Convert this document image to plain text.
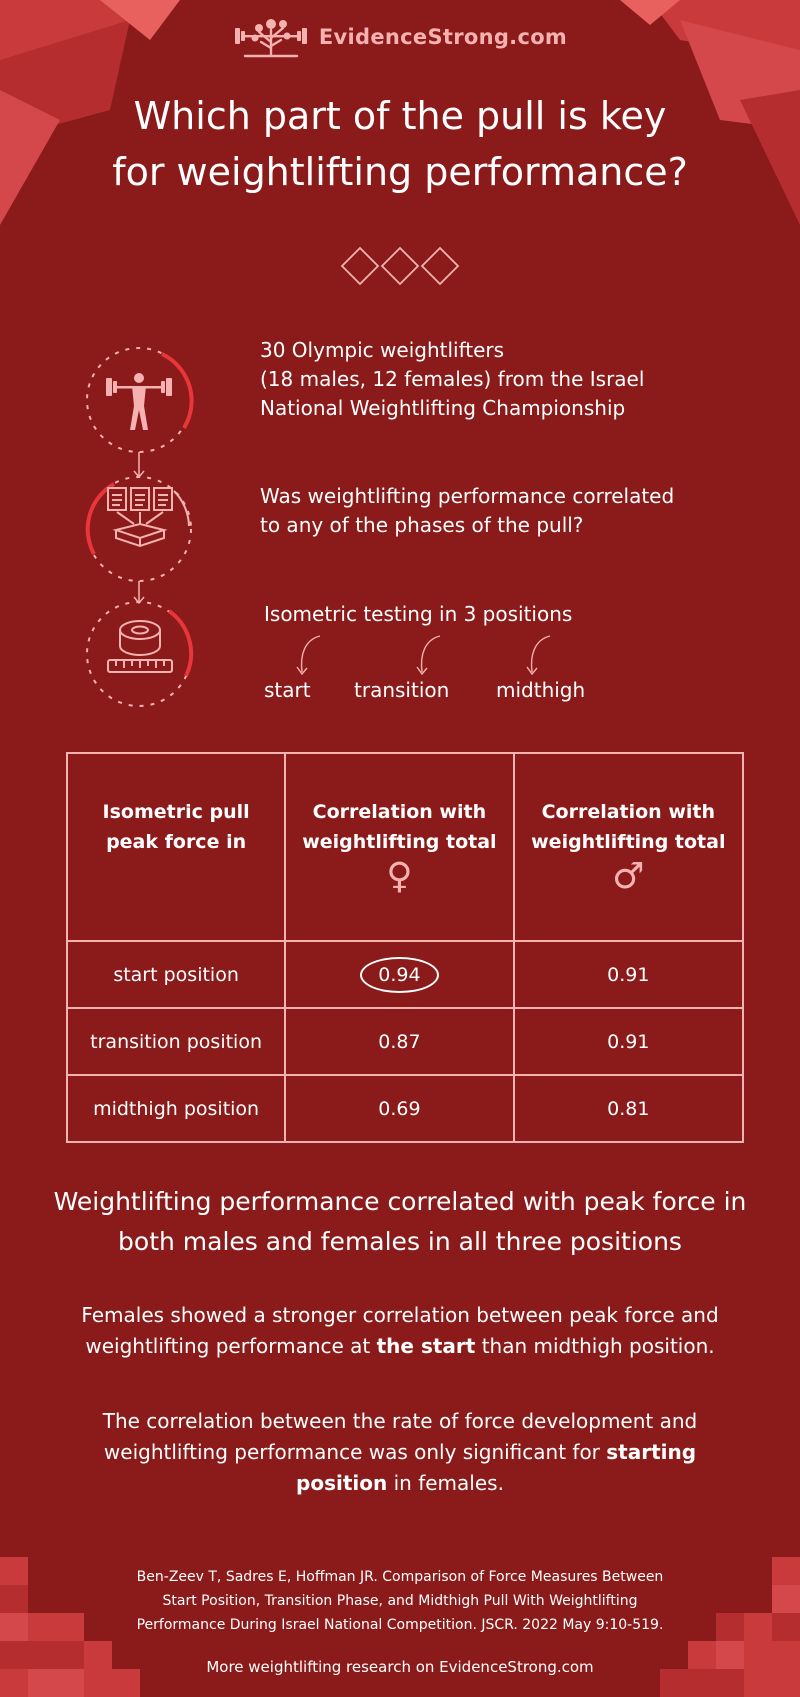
EvidenceStrong.com
Which part of the pull is key
for weightlifting performance?
30 Olympic weightlifters
(18 males, 12 females) from the Israel
National Weightlifting Championship
Was weightlifting performance correlated
to any of the phases of the pull?
Isometric testing in 3 positions
start transition midthigh
Isometric pull
peak force in	Correlation with
weightlifting total
♀	Correlation with
weightlifting total
♂

start position	0.94	0.91
transition position	0.87	0.91
midthigh position	0.69	0.81
Weightlifting performance correlated with peak force in
both males and females in all three positions
Females showed a stronger correlation between peak force and
weightlifting performance at the start than midthigh position.
The correlation between the rate of force development and
weightlifting performance was only significant for starting
position in females.
Ben-Zeev T, Sadres E, Hoffman JR. Comparison of Force Measures Between
Start Position, Transition Phase, and Midthigh Pull With Weightlifting
Performance During Israel National Competition. JSCR. 2022 May 9:10-519.
More weightlifting research on EvidenceStrong.com
